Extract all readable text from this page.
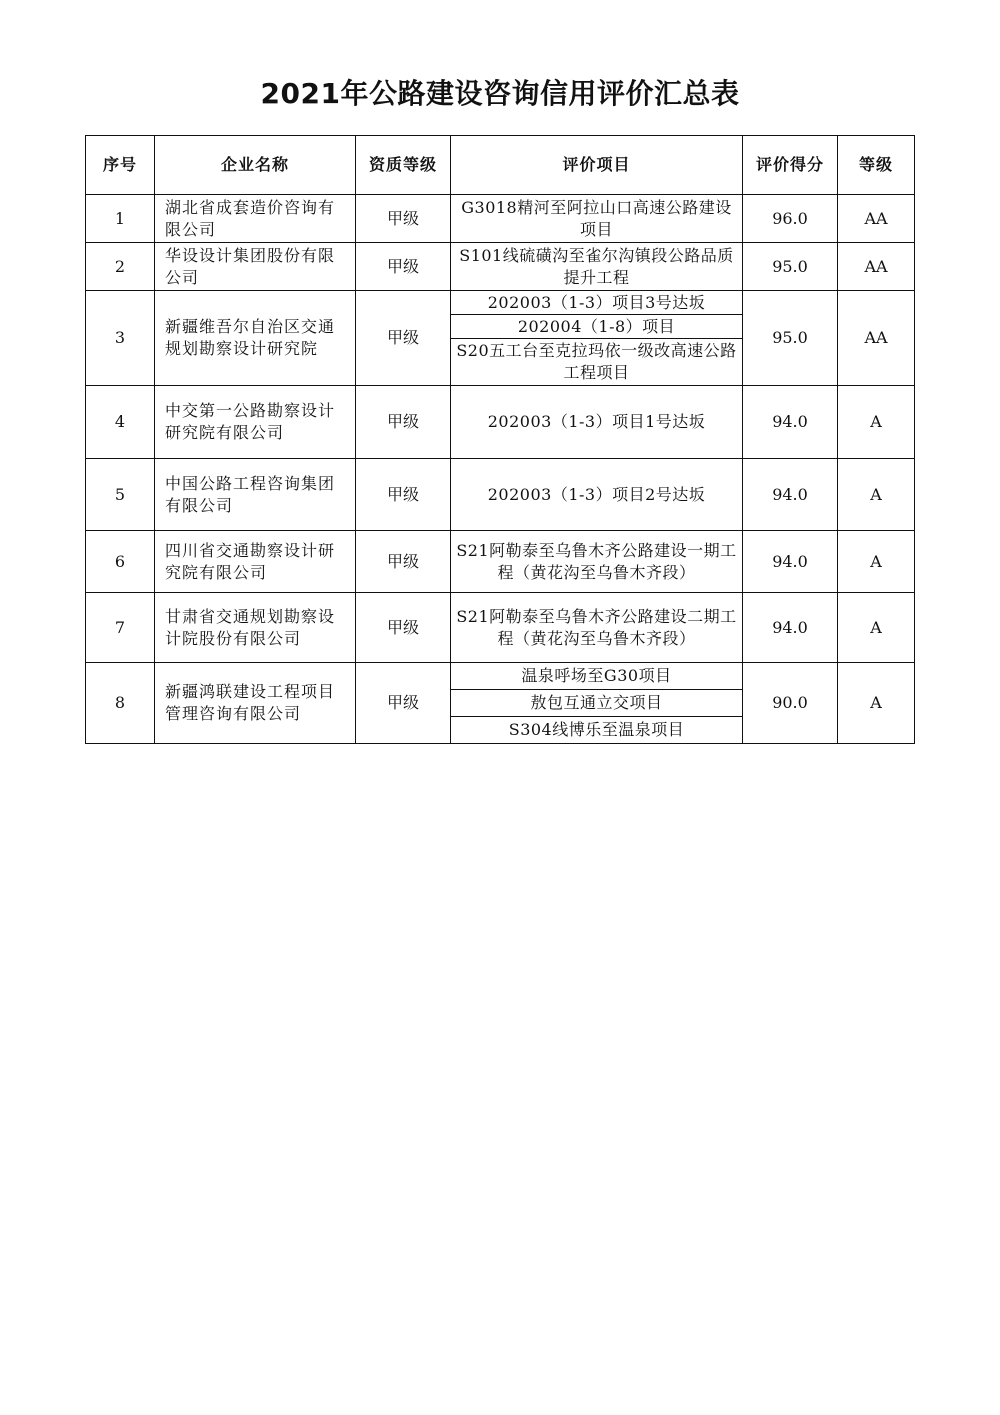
2021年公路建设咨询信用评价汇总表
序号	企业名称	资质等级	评价项目	评价得分	等级
1	湖北省成套造价咨询有限公司	甲级	G3018精河至阿拉山口高速公路建设项目	96.0	AA
2	华设设计集团股份有限公司	甲级	S101线硫磺沟至雀尔沟镇段公路品质提升工程	95.0	AA
3	新疆维吾尔自治区交通规划勘察设计研究院	甲级	202003（1-3）项目3号达坂	95.0	AA
			202004（1-8）项目		
			S20五工台至克拉玛依一级改高速公路工程项目		
4	中交第一公路勘察设计研究院有限公司	甲级	202003（1-3）项目1号达坂	94.0	A
5	中国公路工程咨询集团有限公司	甲级	202003（1-3）项目2号达坂	94.0	A
6	四川省交通勘察设计研究院有限公司	甲级	S21阿勒泰至乌鲁木齐公路建设一期工程（黄花沟至乌鲁木齐段）	94.0	A
7	甘肃省交通规划勘察设计院股份有限公司	甲级	S21阿勒泰至乌鲁木齐公路建设二期工程（黄花沟至乌鲁木齐段）	94.0	A
8	新疆鸿联建设工程项目管理咨询有限公司	甲级	温泉呼场至G30项目	90.0	A
			敖包互通立交项目		
			S304线博乐至温泉项目		
